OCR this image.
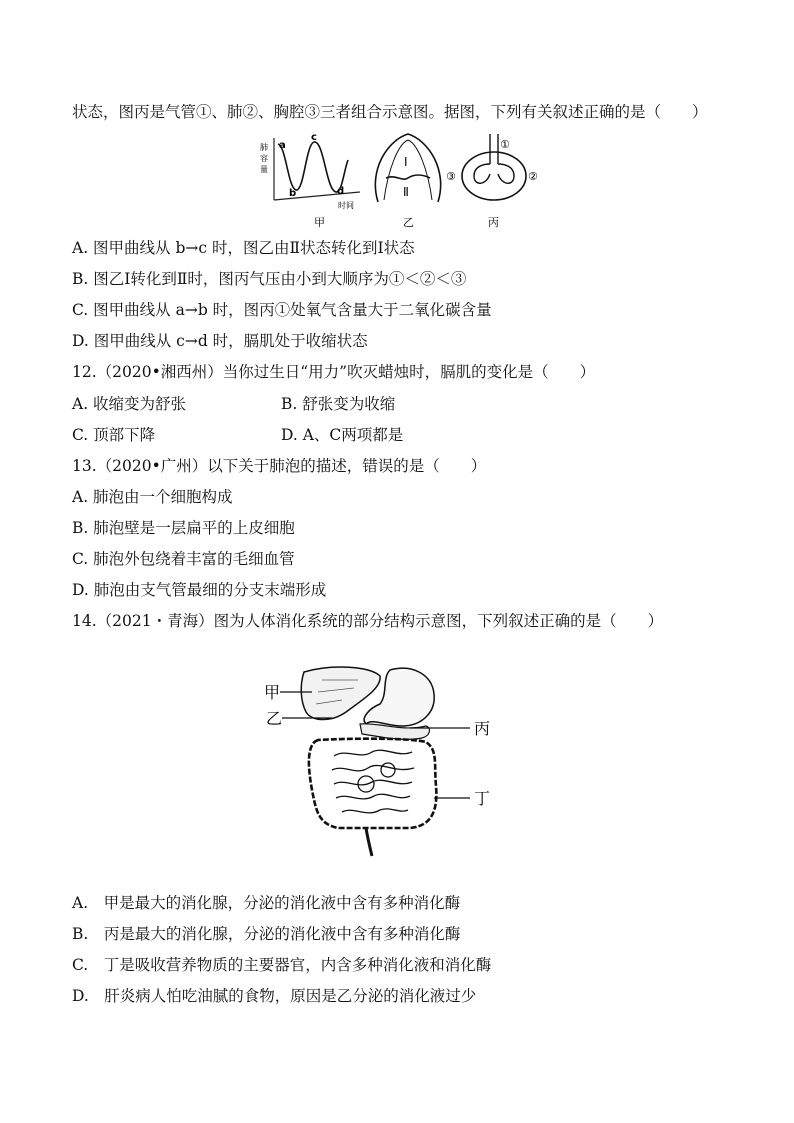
状态，图丙是气管①、肺②、胸腔③三者组合示意图。据图，下列有关叙述正确的是（　　）
肺
容
量
a
b
c
d
时间
甲
Ⅰ
Ⅱ
乙
①
②
③
丙
A. 图甲曲线从 b→c 时，图乙由Ⅱ状态转化到Ⅰ状态
B. 图乙Ⅰ转化到Ⅱ时，图丙气压由小到大顺序为①＜②＜③
C. 图甲曲线从 a→b 时，图丙①处氧气含量大于二氧化碳含量
D. 图甲曲线从 c→d 时，膈肌处于收缩状态
12.（2020•湘西州）当你过生日“用力”吹灭蜡烛时，膈肌的变化是（　　）
A. 收缩变为舒张	B. 舒张变为收缩
C. 顶部下降	D. A、C两项都是
13.（2020•广州）以下关于肺泡的描述，错误的是（　　）
A. 肺泡由一个细胞构成
B. 肺泡壁是一层扁平的上皮细胞
C. 肺泡外包绕着丰富的毛细血管
D. 肺泡由支气管最细的分支末端形成
14.（2021・青海）图为人体消化系统的部分结构示意图，下列叙述正确的是（　　）
甲
乙
丙
丁
A.　甲是最大的消化腺，分泌的消化液中含有多种消化酶
B.　丙是最大的消化腺，分泌的消化液中含有多种消化酶
C.　丁是吸收营养物质的主要器官，内含多种消化液和消化酶
D.　肝炎病人怕吃油腻的食物，原因是乙分泌的消化液过少
